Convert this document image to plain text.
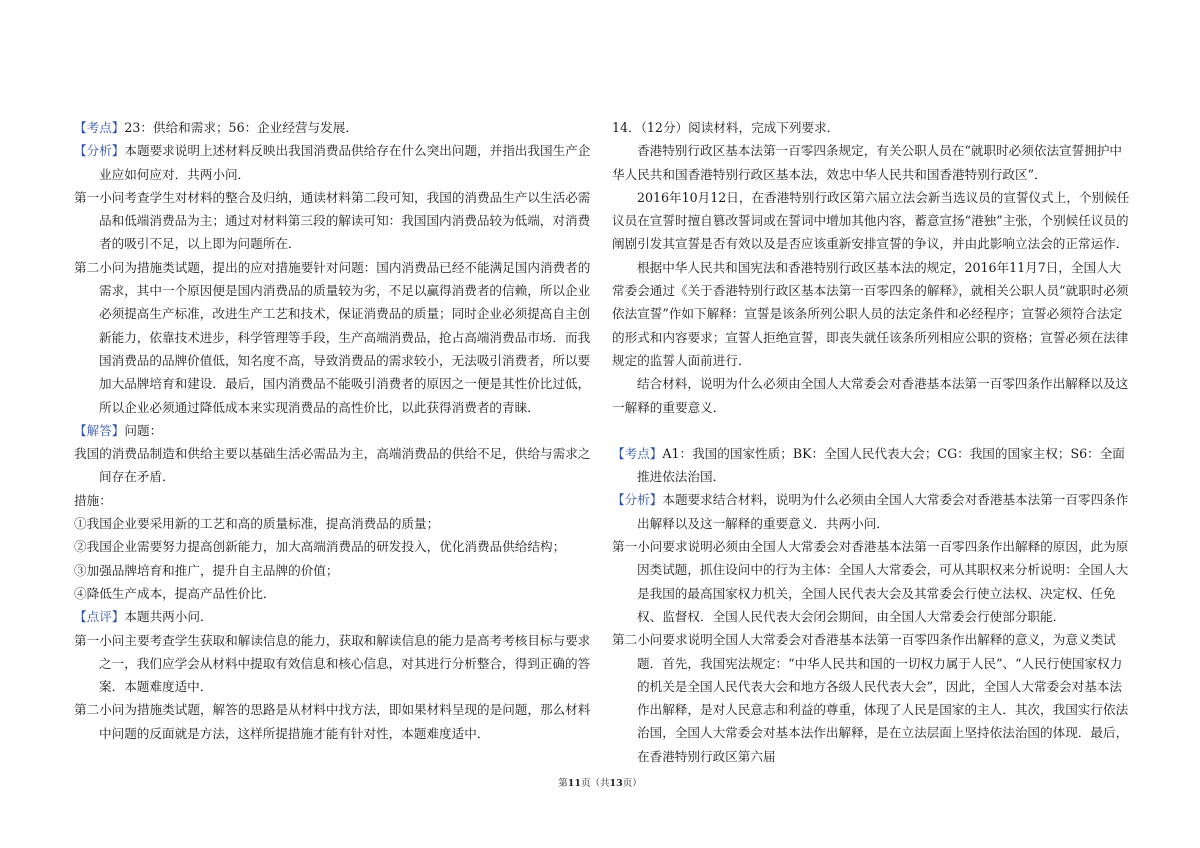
【考点】23：供给和需求；56：企业经营与发展．

【分析】本题要求说明上述材料反映出我国消费品供给存在什么突出问题，并指出我国生产企业应如何应对．共两小问．

第一小问考查学生对材料的整合及归纳，通读材料第二段可知，我国的消费品生产以生活必需品和低端消费品为主；通过对材料第三段的解读可知：我国国内消费品较为低端，对消费者的吸引不足，以上即为问题所在．

第二小问为措施类试题，提出的应对措施要针对问题：国内消费品已经不能满足国内消费者的需求，其中一个原因便是国内消费品的质量较为劣，不足以赢得消费者的信赖，所以企业必须提高生产标准，改进生产工艺和技术，保证消费品的质量；同时企业必须提高自主创新能力，依靠技术进步，科学管理等手段，生产高端消费品，抢占高端消费品市场．而我国消费品的品牌价值低，知名度不高，导致消费品的需求较小，无法吸引消费者，所以要加大品牌培育和建设．最后，国内消费品不能吸引消费者的原因之一便是其性价比过低，所以企业必须通过降低成本来实现消费品的高性价比，以此获得消费者的青睐．

【解答】问题：

我国的消费品制造和供给主要以基础生活必需品为主，高端消费品的供给不足，供给与需求之间存在矛盾．

措施：

①我国企业要采用新的工艺和高的质量标准，提高消费品的质量；

②我国企业需要努力提高创新能力，加大高端消费品的研发投入，优化消费品供给结构；

③加强品牌培育和推广，提升自主品牌的价值；

④降低生产成本，提高产品性价比．

【点评】本题共两小问．

第一小问主要考查学生获取和解读信息的能力，获取和解读信息的能力是高考考核目标与要求之一，我们应学会从材料中提取有效信息和核心信息，对其进行分析整合，得到正确的答案．本题难度适中．

第二小问为措施类试题，解答的思路是从材料中找方法，即如果材料呈现的是问题，那么材料中问题的反面就是方法，这样所提措施才能有针对性，本题难度适中．

14．（12分）阅读材料，完成下列要求．

香港特别行政区基本法第一百零四条规定，有关公职人员在“就职时必须依法宣誓拥护中华人民共和国香港特别行政区基本法，效忠中华人民共和国香港特别行政区”．

2016年10月12日，在香港特别行政区第六届立法会新当选议员的宣誓仪式上，个别候任议员在宣誓时擅自篡改誓词或在誓词中增加其他内容，蓄意宣扬“港独”主张，个别候任议员的阐剧引发其宣誓是否有效以及是否应该重新安排宣誓的争议，并由此影响立法会的正常运作．

根据中华人民共和国宪法和香港特别行政区基本法的规定，2016年11月7日，全国人大常委会通过《关于香港特别行政区基本法第一百零四条的解释》，就相关公职人员“就职时必须依法宣誓”作如下解释：宣誓是该条所列公职人员的法定条件和必经程序；宣誓必须符合法定的形式和内容要求；宣誓人拒绝宣誓，即丧失就任该条所列相应公职的资格；宣誓必须在法律规定的监誓人面前进行．

结合材料，说明为什么必须由全国人大常委会对香港基本法第一百零四条作出解释以及这一解释的重要意义．

【考点】A1：我国的国家性质；BK：全国人民代表大会；CG：我国的国家主权；S6：全面推进依法治国．

【分析】本题要求结合材料，说明为什么必须由全国人大常委会对香港基本法第一百零四条作出解释以及这一解释的重要意义．共两小问．

第一小问要求说明必须由全国人大常委会对香港基本法第一百零四条作出解释的原因，此为原因类试题，抓住设问中的行为主体：全国人大常委会，可从其职权来分析说明：全国人大是我国的最高国家权力机关，全国人民代表大会及其常委会行使立法权、决定权、任免权、监督权．全国人民代表大会闭会期间，由全国人大常委会行使部分职能．

第二小问要求说明全国人大常委会对香港基本法第一百零四条作出解释的意义，为意义类试题．首先，我国宪法规定：“中华人民共和国的一切权力属于人民”、“人民行使国家权力的机关是全国人民代表大会和地方各级人民代表大会”，因此，全国人大常委会对基本法作出解释，是对人民意志和利益的尊重，体现了人民是国家的主人．其次，我国实行依法治国，全国人大常委会对基本法作出解释，是在立法层面上坚持依法治国的体现．最后，在香港特别行政区第六届

第11页（共13页）
